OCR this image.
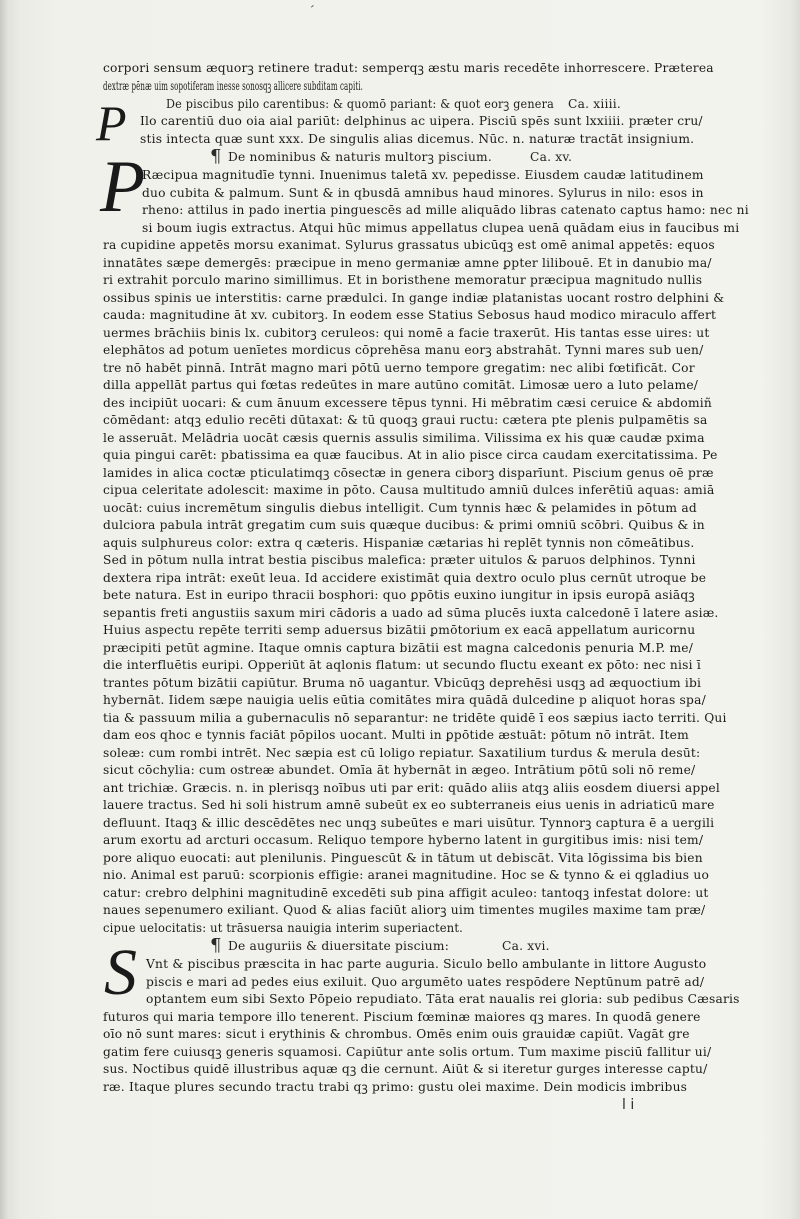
corpori sensum æquorꝫ retinere tradut: semperqꝫ æstu maris recedēte inhorrescere. Præterea
dextræ pēnæ uim sopotiferam inesse sonosqꝫ allicere subditam capiti.
De piscibus pilo carentibus: & quomō pariant: & quot eorꝫ genera Ca. xiiii.
P Ilo carentiū duo oia aial pariūt: delphinus ac uipera. Pisciū spēs sunt lxxiiii. præter cru/
stis intecta quæ sunt xxx. De singulis alias dicemus. Nūc. n. naturæ tractāt insignium.
¶ De nominibus & naturis multorꝫ piscium.	Ca. xv.
P
Ræcipua magnitudīe tynni. Inuenimus taletā xv. pepedisse. Eiusdem caudæ latitudinem
duo cubita & palmum. Sunt & in qbusdā amnibus haud minores. Sylurus in nilo: esos in
rheno: attilus in pado inertia pinguescēs ad mille aliquādo libras catenato captus hamo: nec ni
si boum iugis extractus. Atqui hūc mimus appellatus clupea uenā quādam eius in faucibus mi
ra cupidine appetēs morsu exanimat. Sylurus grassatus ubicūqꝫ est omē animal appetēs: equos
innatātes sæpe demergēs: præcipue in meno germaniæ amne ꝑpter lilibouē. Et in danubio ma/
ri extrahit porculo marino simillimus. Et in boristhene memoratur præcipua magnitudo nullis
ossibus spinis ue interstitis: carne prædulci. In gange indiæ platanistas uocant rostro delphini &
cauda: magnitudine āt xv. cubitorꝫ. In eodem esse Statius Sebosus haud modico miraculo affert
uermes brāchiis binis lx. cubitorꝫ ceruleos: qui nomē a facie traxerūt. His tantas esse uires: ut
elephātos ad potum uenīetes mordicus cōprehēsa manu eorꝫ abstrahāt. Tynni mares sub uen/
tre nō habēt pinnā. Intrāt magno mari pōtū uerno tempore gregatim: nec alibi fœtificāt. Cor
dilla appellāt partus qui fœtas redeūtes in mare autūno comitāt. Limosæ uero a luto pelame/
des incipiūt uocari: & cum ānuum excessere tēpus tynni. Hi mēbratim cæsi ceruice & abdomiñ
cōmēdant: atqꝫ edulio recēti dūtaxat: & tū quoqꝫ graui ructu: cætera pte plenis pulpamētis sa
le asseruāt. Melādria uocāt cæsis quernis assulis similima. Vilissima ex his quæ caudæ pxima
quia pingui carēt: pbatissima ea quæ faucibus. At in alio pisce circa caudam exercitatissima. Pe
lamides in alica coctæ pticulatimqꝫ cōsectæ in genera ciborꝫ disparīunt. Piscium genus oē præ
cipua celeritate adolescit: maxime in pōto. Causa multitudo amniū dulces inferētiū aquas: amiā
uocāt: cuius incremētum singulis diebus intelligit. Cum tynnis hæc & pelamides in pōtum ad
dulciora pabula intrāt gregatim cum suis quæque ducibus: & primi omniū scōbri. Quibus & in
aquis sulphureus color: extra q cæteris. Hispaniæ cætarias hi replēt tynnis non cōmeātibus.
Sed in pōtum nulla intrat bestia piscibus malefica: præter uitulos & paruos delphinos. Tynni
dextera ripa intrāt: exeūt leua. Id accidere existimāt quia dextro oculo plus cernūt utroque be
bete natura. Est in euripo thracii bosphori: quo ꝑpōtis euxino iungitur in ipsis europā asiāqꝫ
sepantis freti angustiis saxum miri cādoris a uado ad sūma plucēs iuxta calcedonē ī latere asiæ.
Huius aspectu repēte territi semp aduersus bizātii ꝑmōtorium ex eacā appellatum auricornu
præcipiti petūt agmine. Itaque omnis captura bizātii est magna calcedonis penuria M.P. me/
die interfluētis euripi. Opperiūt āt aqlonis flatum: ut secundo fluctu exeant ex pōto: nec nisi ī
trantes pōtum bizātii capiūtur. Bruma nō uagantur. Vbicūqꝫ deprehēsi usqꝫ ad æquoctium ibi
hybernāt. Iidem sæpe nauigia uelis eūtia comitātes mira quādā dulcedine p aliquot horas spa/
tia & passuum milia a gubernaculis nō separantur: ne tridēte quidē ī eos sæpius iacto territi. Qui
dam eos qhoc e tynnis faciāt pōpilos uocant. Multi in ꝑpōtide æstuāt: pōtum nō intrāt. Item
soleæ: cum rombi intrēt. Nec sæpia est cū loligo repiatur. Saxatilium turdus & merula desūt:
sicut cōchylia: cum ostreæ abundet. Omīa āt hybernāt in ægeo. Intrātium pōtū soli nō reme/
ant trichiæ. Græcis. n. in plerisqꝫ noībus uti par erit: quādo aliis atqꝫ aliis eosdem diuersi appel
lauere tractus. Sed hi soli histrum amnē subeūt ex eo subterraneis eius uenis in adriaticū mare
defluunt. Itaqꝫ & illic descēdētes nec unqꝫ subeūtes e mari uisūtur. Tynnorꝫ captura ē a uergili
arum exortu ad arcturi occasum. Reliquo tempore hyberno latent in gurgitibus imis: nisi tem/
pore aliquo euocati: aut plenilunis. Pinguescūt & in tātum ut debiscāt. Vita lōgissima bis bien
nio. Animal est paruū: scorpionis effigie: aranei magnitudine. Hoc se & tynno & ei qgladius uo
catur: crebro delphini magnitudinē excedēti sub pina affigit aculeo: tantoqꝫ infestat dolore: ut
naues sepenumero exiliant. Quod & alias faciūt aliorꝫ uim timentes mugiles maxime tam præ/
cipue uelocitatis: ut trāsuersa nauigia interim superiactent.
¶ De auguriis & diuersitate piscium:	Ca. xvi.
S Vnt & piscibus præscita in hac parte auguria. Siculo bello ambulante in littore Augusto
piscis e mari ad pedes eius exiluit. Quo argumēto uates respōdere Neptūnum patrē ad/
optantem eum sibi Sexto Pōpeio repudiato. Tāta erat naualis rei gloria: sub pedibus Cæsaris
futuros qui maria tempore illo tenerent. Piscium fœminæ maiores qꝫ mares. In quodā genere
oīo nō sunt mares: sicut i erythinis & chrombus. Omēs enim ouis grauidæ capiūt. Vagāt gre
gatim fere cuiusqꝫ generis squamosi. Capiūtur ante solis ortum. Tum maxime pisciū fallitur ui/
sus. Noctibus quidē illustribus aquæ qꝫ die cernunt. Aiūt & si iteretur gurges interesse captu/
ræ. Itaque plures secundo tractu trabi qꝫ primo: gustu olei maxime. Dein modicis imbribus
l i
ˊ
